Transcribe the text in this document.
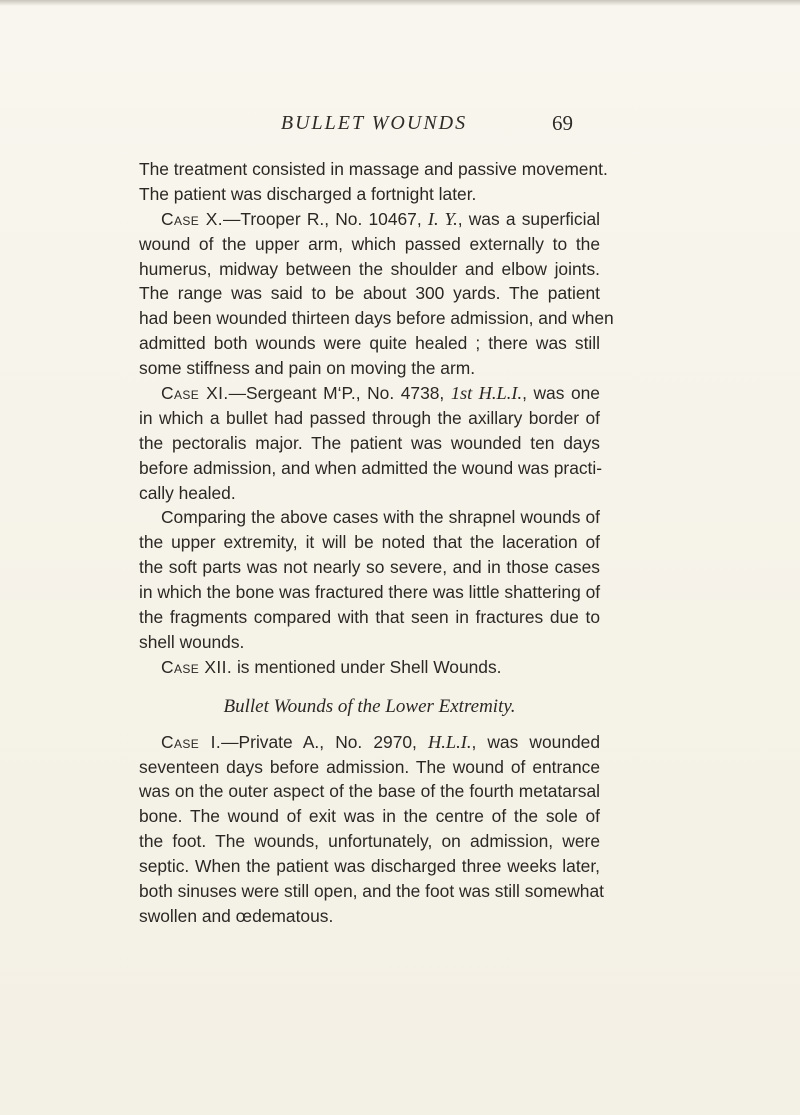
BULLET WOUNDS	69
The treatment consisted in massage and passive movement.
The patient was discharged a fortnight later.
Case X.—Trooper R., No. 10467, I. Y., was a superficial
wound of the upper arm, which passed externally to the
humerus, midway between the shoulder and elbow joints.
The range was said to be about 300 yards. The patient
had been wounded thirteen days before admission, and when
admitted both wounds were quite healed ; there was still
some stiffness and pain on moving the arm.
Case XI.—Sergeant M‘P., No. 4738, 1st H.L.I., was one
in which a bullet had passed through the axillary border of
the pectoralis major. The patient was wounded ten days
before admission, and when admitted the wound was practi-
cally healed.
Comparing the above cases with the shrapnel wounds of
the upper extremity, it will be noted that the laceration of
the soft parts was not nearly so severe, and in those cases
in which the bone was fractured there was little shattering of
the fragments compared with that seen in fractures due to
shell wounds.
Case XII. is mentioned under Shell Wounds.
Bullet Wounds of the Lower Extremity.
Case I.—Private A., No. 2970, H.L.I., was wounded
seventeen days before admission. The wound of entrance
was on the outer aspect of the base of the fourth metatarsal
bone. The wound of exit was in the centre of the sole of
the foot. The wounds, unfortunately, on admission, were
septic. When the patient was discharged three weeks later,
both sinuses were still open, and the foot was still somewhat
swollen and œdematous.
